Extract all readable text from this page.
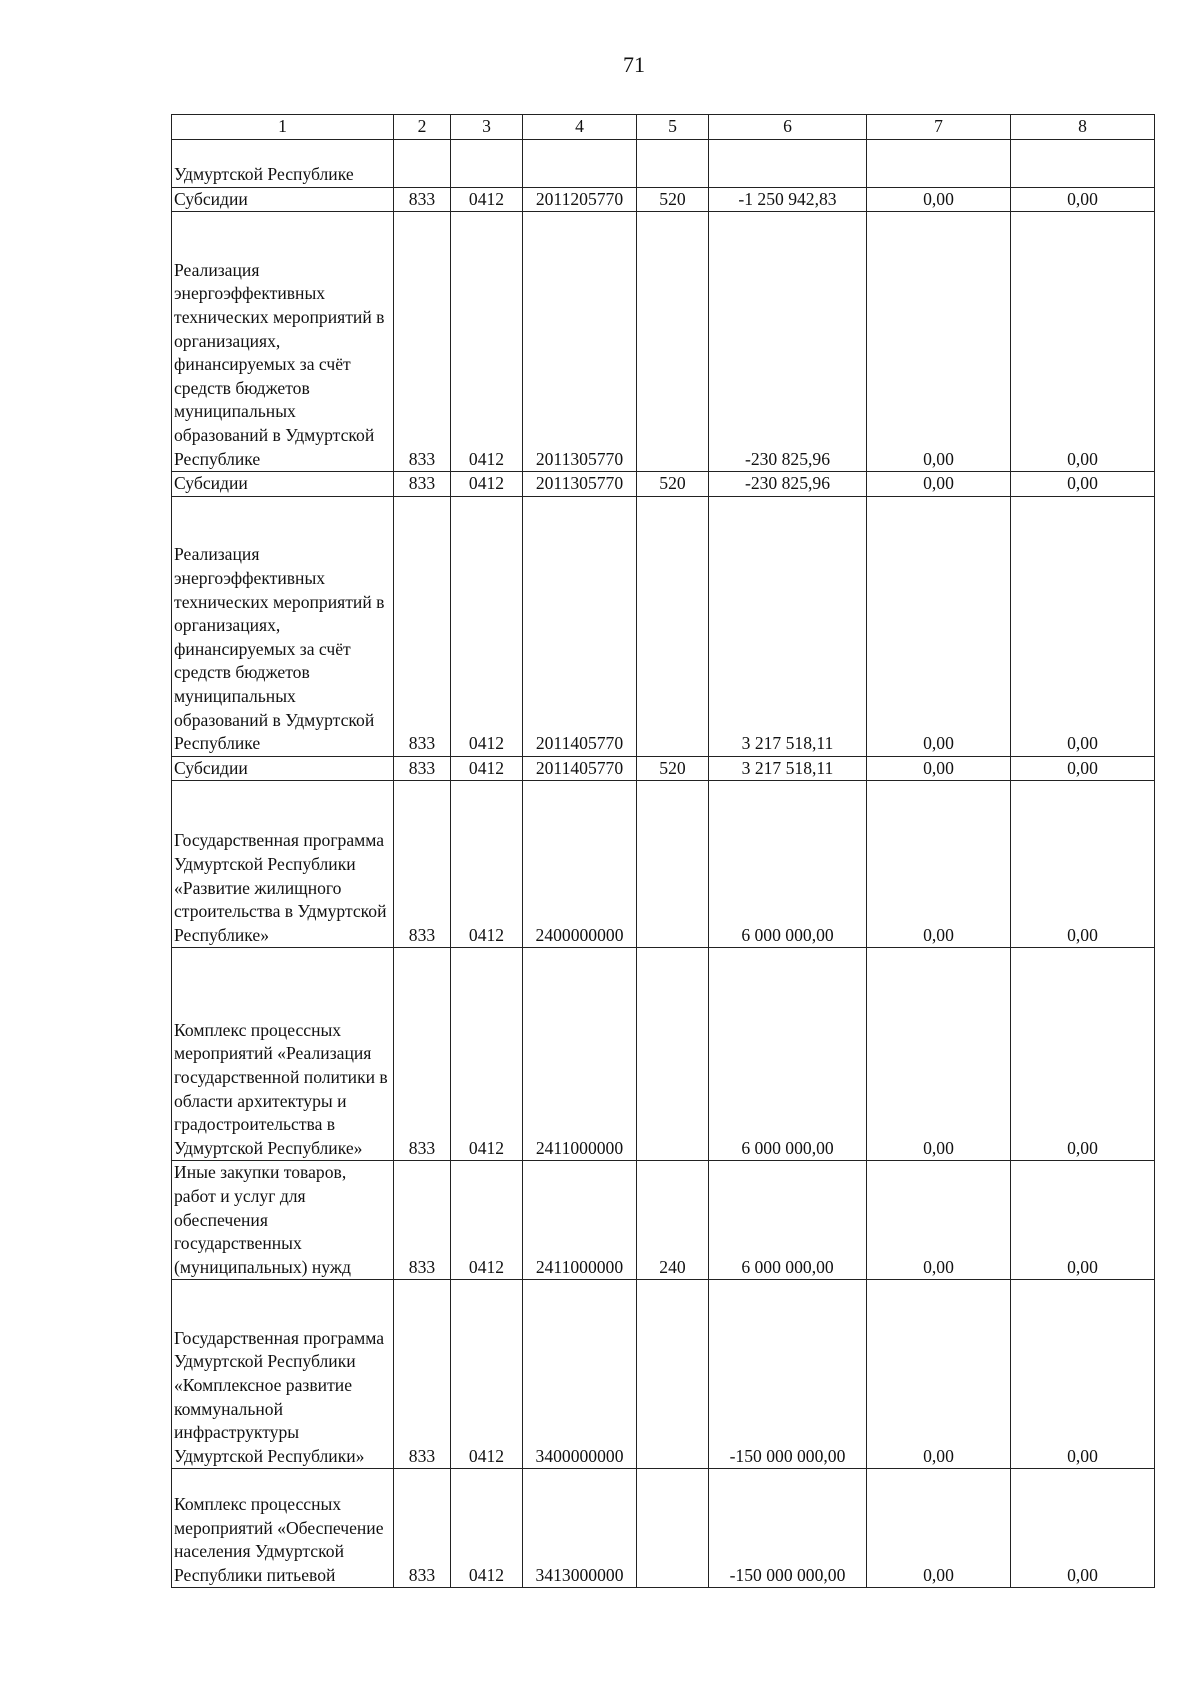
71
1	2	3	4	5	6	7	8
Удмуртской Республике							
Субсидии	833	0412	2011205770	520	-1 250 942,83	0,00	0,00
Реализация энергоэффективных технических мероприятий в организациях, финансируемых за счёт средств бюджетов муниципальных образований в Удмуртской Республике	833	0412	2011305770		-230 825,96	0,00	0,00
Субсидии	833	0412	2011305770	520	-230 825,96	0,00	0,00
Реализация энергоэффективных технических мероприятий в организациях, финансируемых за счёт средств бюджетов муниципальных образований в Удмуртской Республике	833	0412	2011405770		3 217 518,11	0,00	0,00
Субсидии	833	0412	2011405770	520	3 217 518,11	0,00	0,00
Государственная программа Удмуртской Республики «Развитие жилищного строительства в Удмуртской Республике»	833	0412	2400000000		6 000 000,00	0,00	0,00
Комплекс процессных мероприятий «Реализация государственной политики в области архитектуры и градостроительства в Удмуртской Республике»	833	0412	2411000000		6 000 000,00	0,00	0,00
Иные закупки товаров, работ и услуг для обеспечения государственных (муниципальных) нужд	833	0412	2411000000	240	6 000 000,00	0,00	0,00
Государственная программа Удмуртской Республики «Комплексное развитие коммунальной инфраструктуры Удмуртской Республики»	833	0412	3400000000		-150 000 000,00	0,00	0,00
Комплекс процессных мероприятий «Обеспечение населения Удмуртской Республики питьевой	833	0412	3413000000		-150 000 000,00	0,00	0,00
